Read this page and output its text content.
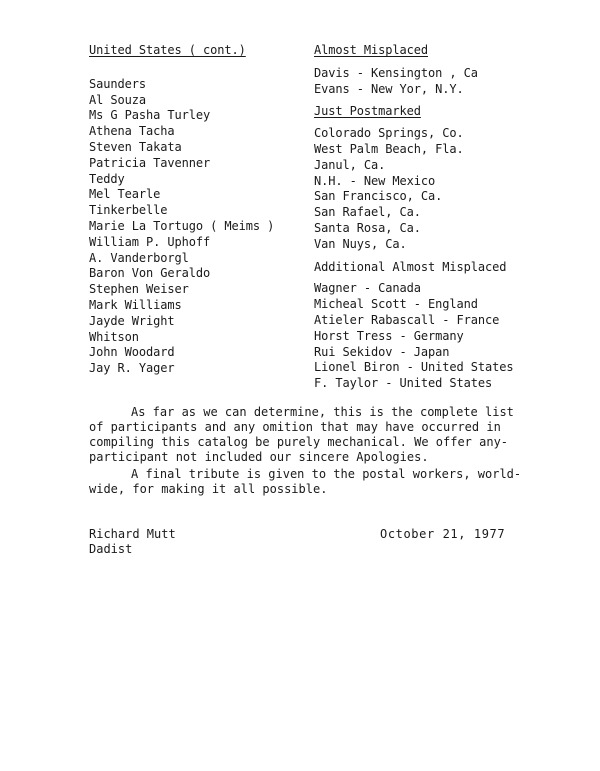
United States ( cont.)
Saunders
Al Souza
Ms G Pasha Turley
Athena Tacha
Steven Takata
Patricia Tavenner
Teddy
Mel Tearle
Tinkerbelle
Marie La Tortugo ( Meims )
William P. Uphoff
A. Vanderborgl
Baron Von Geraldo
Stephen Weiser
Mark Williams
Jayde Wright
Whitson
John Woodard
Jay R. Yager
Almost Misplaced
Davis - Kensington , Ca
Evans - New Yor, N.Y.
Just Postmarked
Colorado Springs, Co.
West Palm Beach, Fla.
Janul, Ca.
N.H. - New Mexico
San Francisco, Ca.
San Rafael, Ca.
Santa Rosa, Ca.
Van Nuys, Ca.
Additional Almost Misplaced
Wagner - Canada
Micheal Scott - England
Atieler Rabascall - France
Horst Tress - Germany
Rui Sekidov - Japan
Lionel Biron - United States
F. Taylor - United States

As far as we can determine, this is the complete list
of participants and any omition that may have occurred in
compiling this catalog be purely mechanical. We offer any-
participant not included our sincere Apologies.

A final tribute is given to the postal workers, world-
wide, for making it all possible.

Richard Mutt
Dadist
October 21, 1977
